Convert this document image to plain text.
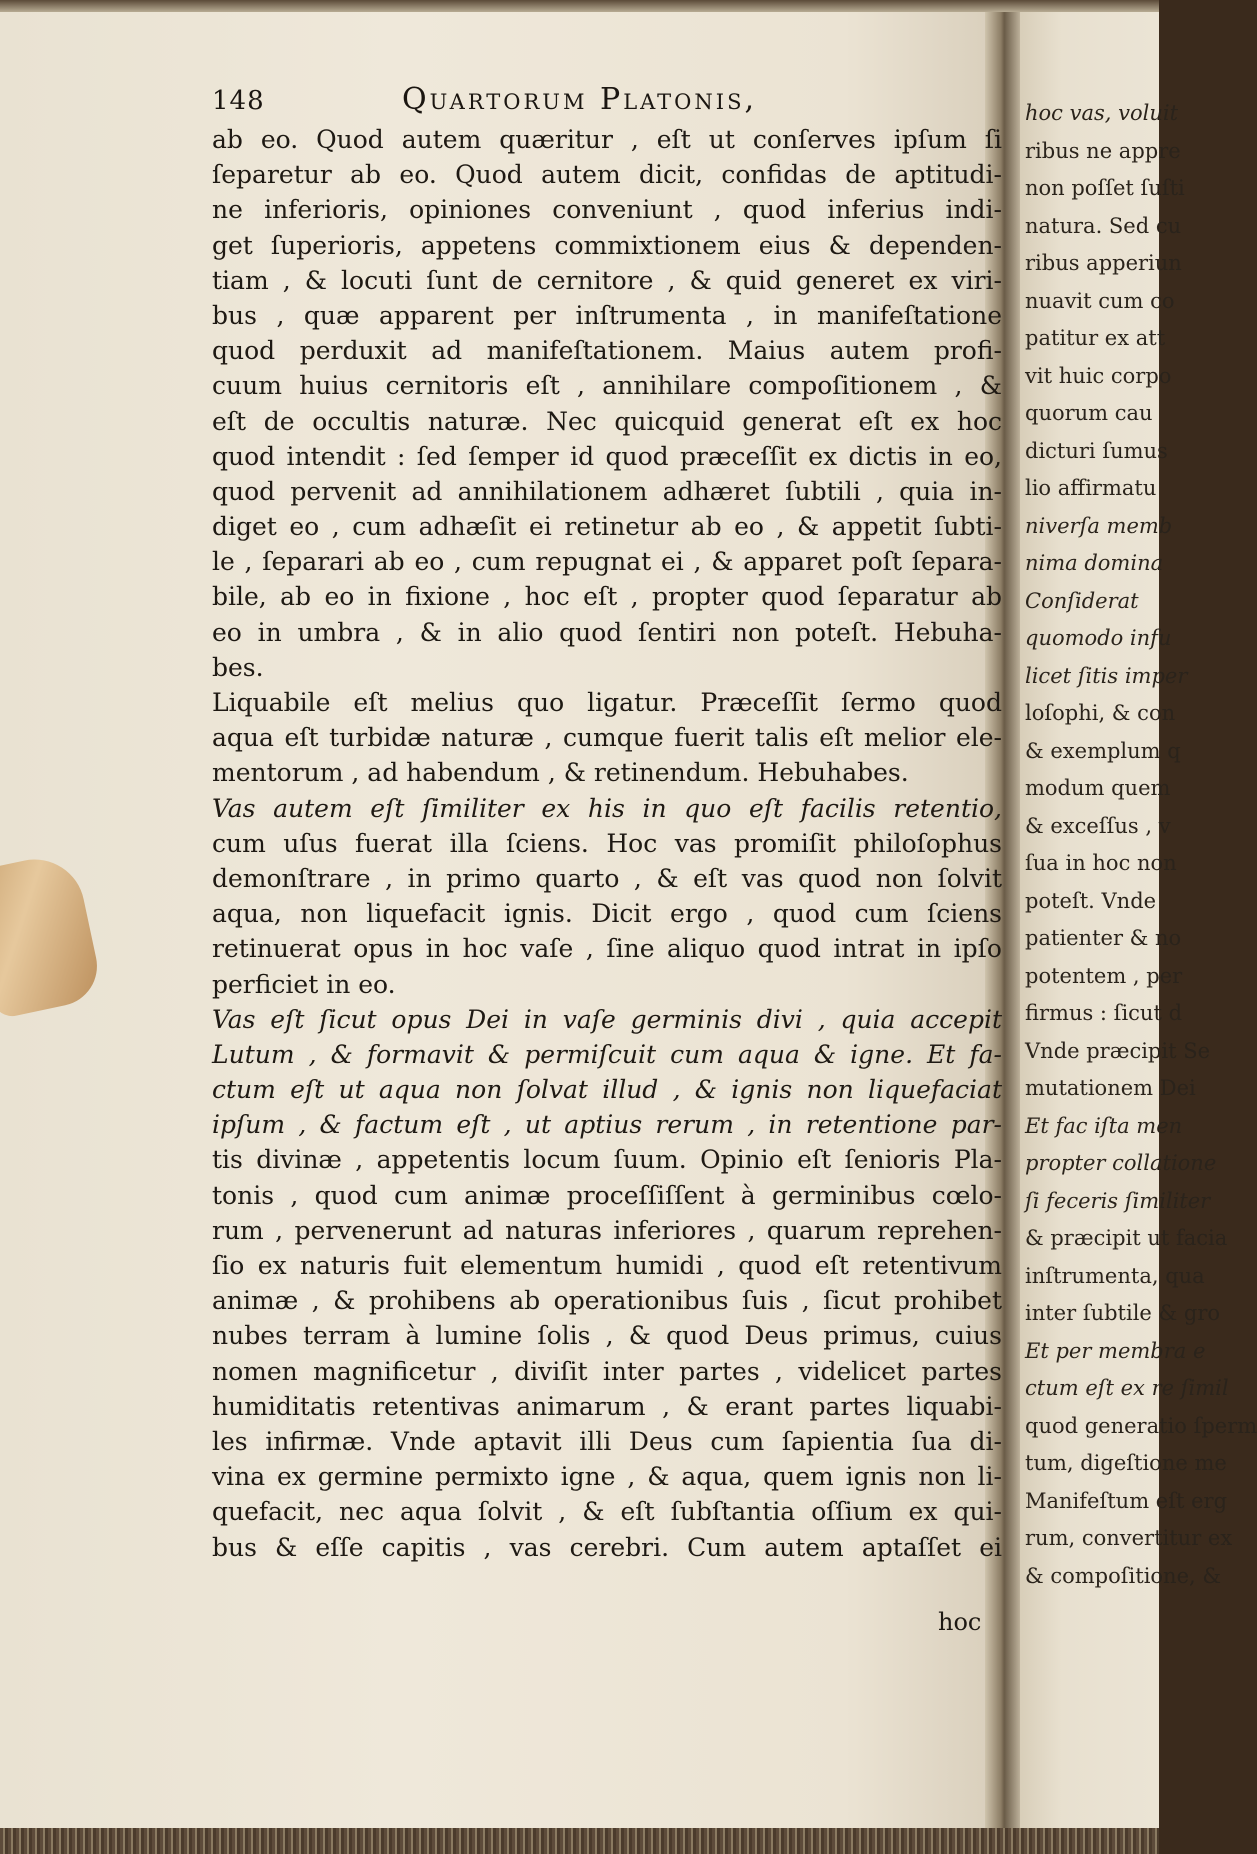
hoc vas, voluit
ribus ne appre
non poſſet ſuſti
natura. Sed cu
ribus apperiun
nuavit cum co
patitur ex att
vit huic corpo
quorum cau
dicturi ſumus
lio affirmatu
niverſa memb
nima domina
Conſiderat
quomodo infu
licet ſitis imper
loſophi, & con
& exemplum q
modum quem
& exceſſus , v
ſua in hoc non
poteſt. Vnde
patienter & no
potentem , per
firmus : ſicut d
Vnde præcipit Se
mutationem Dei
Et fac iſta men
propter collatione
ſi feceris ſimiliter
& præcipit ut facia
inſtrumenta, qua
inter ſubtile & gro
Et per membra e
ctum eſt ex re ſimil
quod generatio ſperm
tum, digeſtione me
Manifeſtum eſt erg
rum, convertitur ex
& compoſitione, &
148	Quartorum Platonis,
ab eo. Quod autem quæritur , eſt ut conſerves ipſum ſi
ſeparetur ab eo. Quod autem dicit, confidas de aptitudi-
ne inferioris, opiniones conveniunt , quod inferius indi-
get ſuperioris, appetens commixtionem eius & dependen-
tiam , & locuti ſunt de cernitore , & quid generet ex viri-
bus , quæ apparent per inſtrumenta , in manifeſtatione
quod perduxit ad manifeſtationem. Maius autem profi-
cuum huius cernitoris eſt , annihilare compoſitionem , &
eſt de occultis naturæ. Nec quicquid generat eſt ex hoc
quod intendit : ſed ſemper id quod præceſſit ex dictis in eo,
quod pervenit ad annihilationem adhæret ſubtili , quia in-
diget eo , cum adhæſit ei retinetur ab eo , & appetit ſubti-
le , ſeparari ab eo , cum repugnat ei , & apparet poſt ſepara-
bile, ab eo in fixione , hoc eſt , propter quod ſeparatur ab
eo in umbra , & in alio quod ſentiri non poteſt. Hebuha-
bes.
Liquabile eſt melius quo ligatur. Præceſſit ſermo quod
aqua eſt turbidæ naturæ , cumque fuerit talis eſt melior ele-
mentorum , ad habendum , & retinendum. Hebuhabes.
Vas autem eſt ſimiliter ex his in quo eſt facilis retentio,
cum uſus fuerat illa ſciens. Hoc vas promiſit philoſophus
demonſtrare , in primo quarto , & eſt vas quod non ſolvit
aqua, non liquefacit ignis. Dicit ergo , quod cum ſciens
retinuerat opus in hoc vaſe , ſine aliquo quod intrat in ipſo
perficiet in eo.
Vas eſt ſicut opus Dei in vaſe germinis divi , quia accepit
Lutum , & formavit & permiſcuit cum aqua & igne. Et fa-
ctum eſt ut aqua non ſolvat illud , & ignis non liquefaciat
ipſum , & factum eſt , ut aptius rerum , in retentione par-
tis divinæ , appetentis locum ſuum. Opinio eſt ſenioris Pla-
tonis , quod cum animæ proceſſiſſent à germinibus cœlo-
rum , pervenerunt ad naturas inferiores , quarum reprehen-
ſio ex naturis fuit elementum humidi , quod eſt retentivum
animæ , & prohibens ab operationibus ſuis , ſicut prohibet
nubes terram à lumine ſolis , & quod Deus primus, cuius
nomen magnificetur , diviſit inter partes , videlicet partes
humiditatis retentivas animarum , & erant partes liquabi-
les infirmæ. Vnde aptavit illi Deus cum ſapientia ſua di-
vina ex germine permixto igne , & aqua, quem ignis non li-
quefacit, nec aqua ſolvit , & eſt ſubſtantia oſſium ex qui-
bus & eſſe capitis , vas cerebri. Cum autem aptaſſet ei
hoc
